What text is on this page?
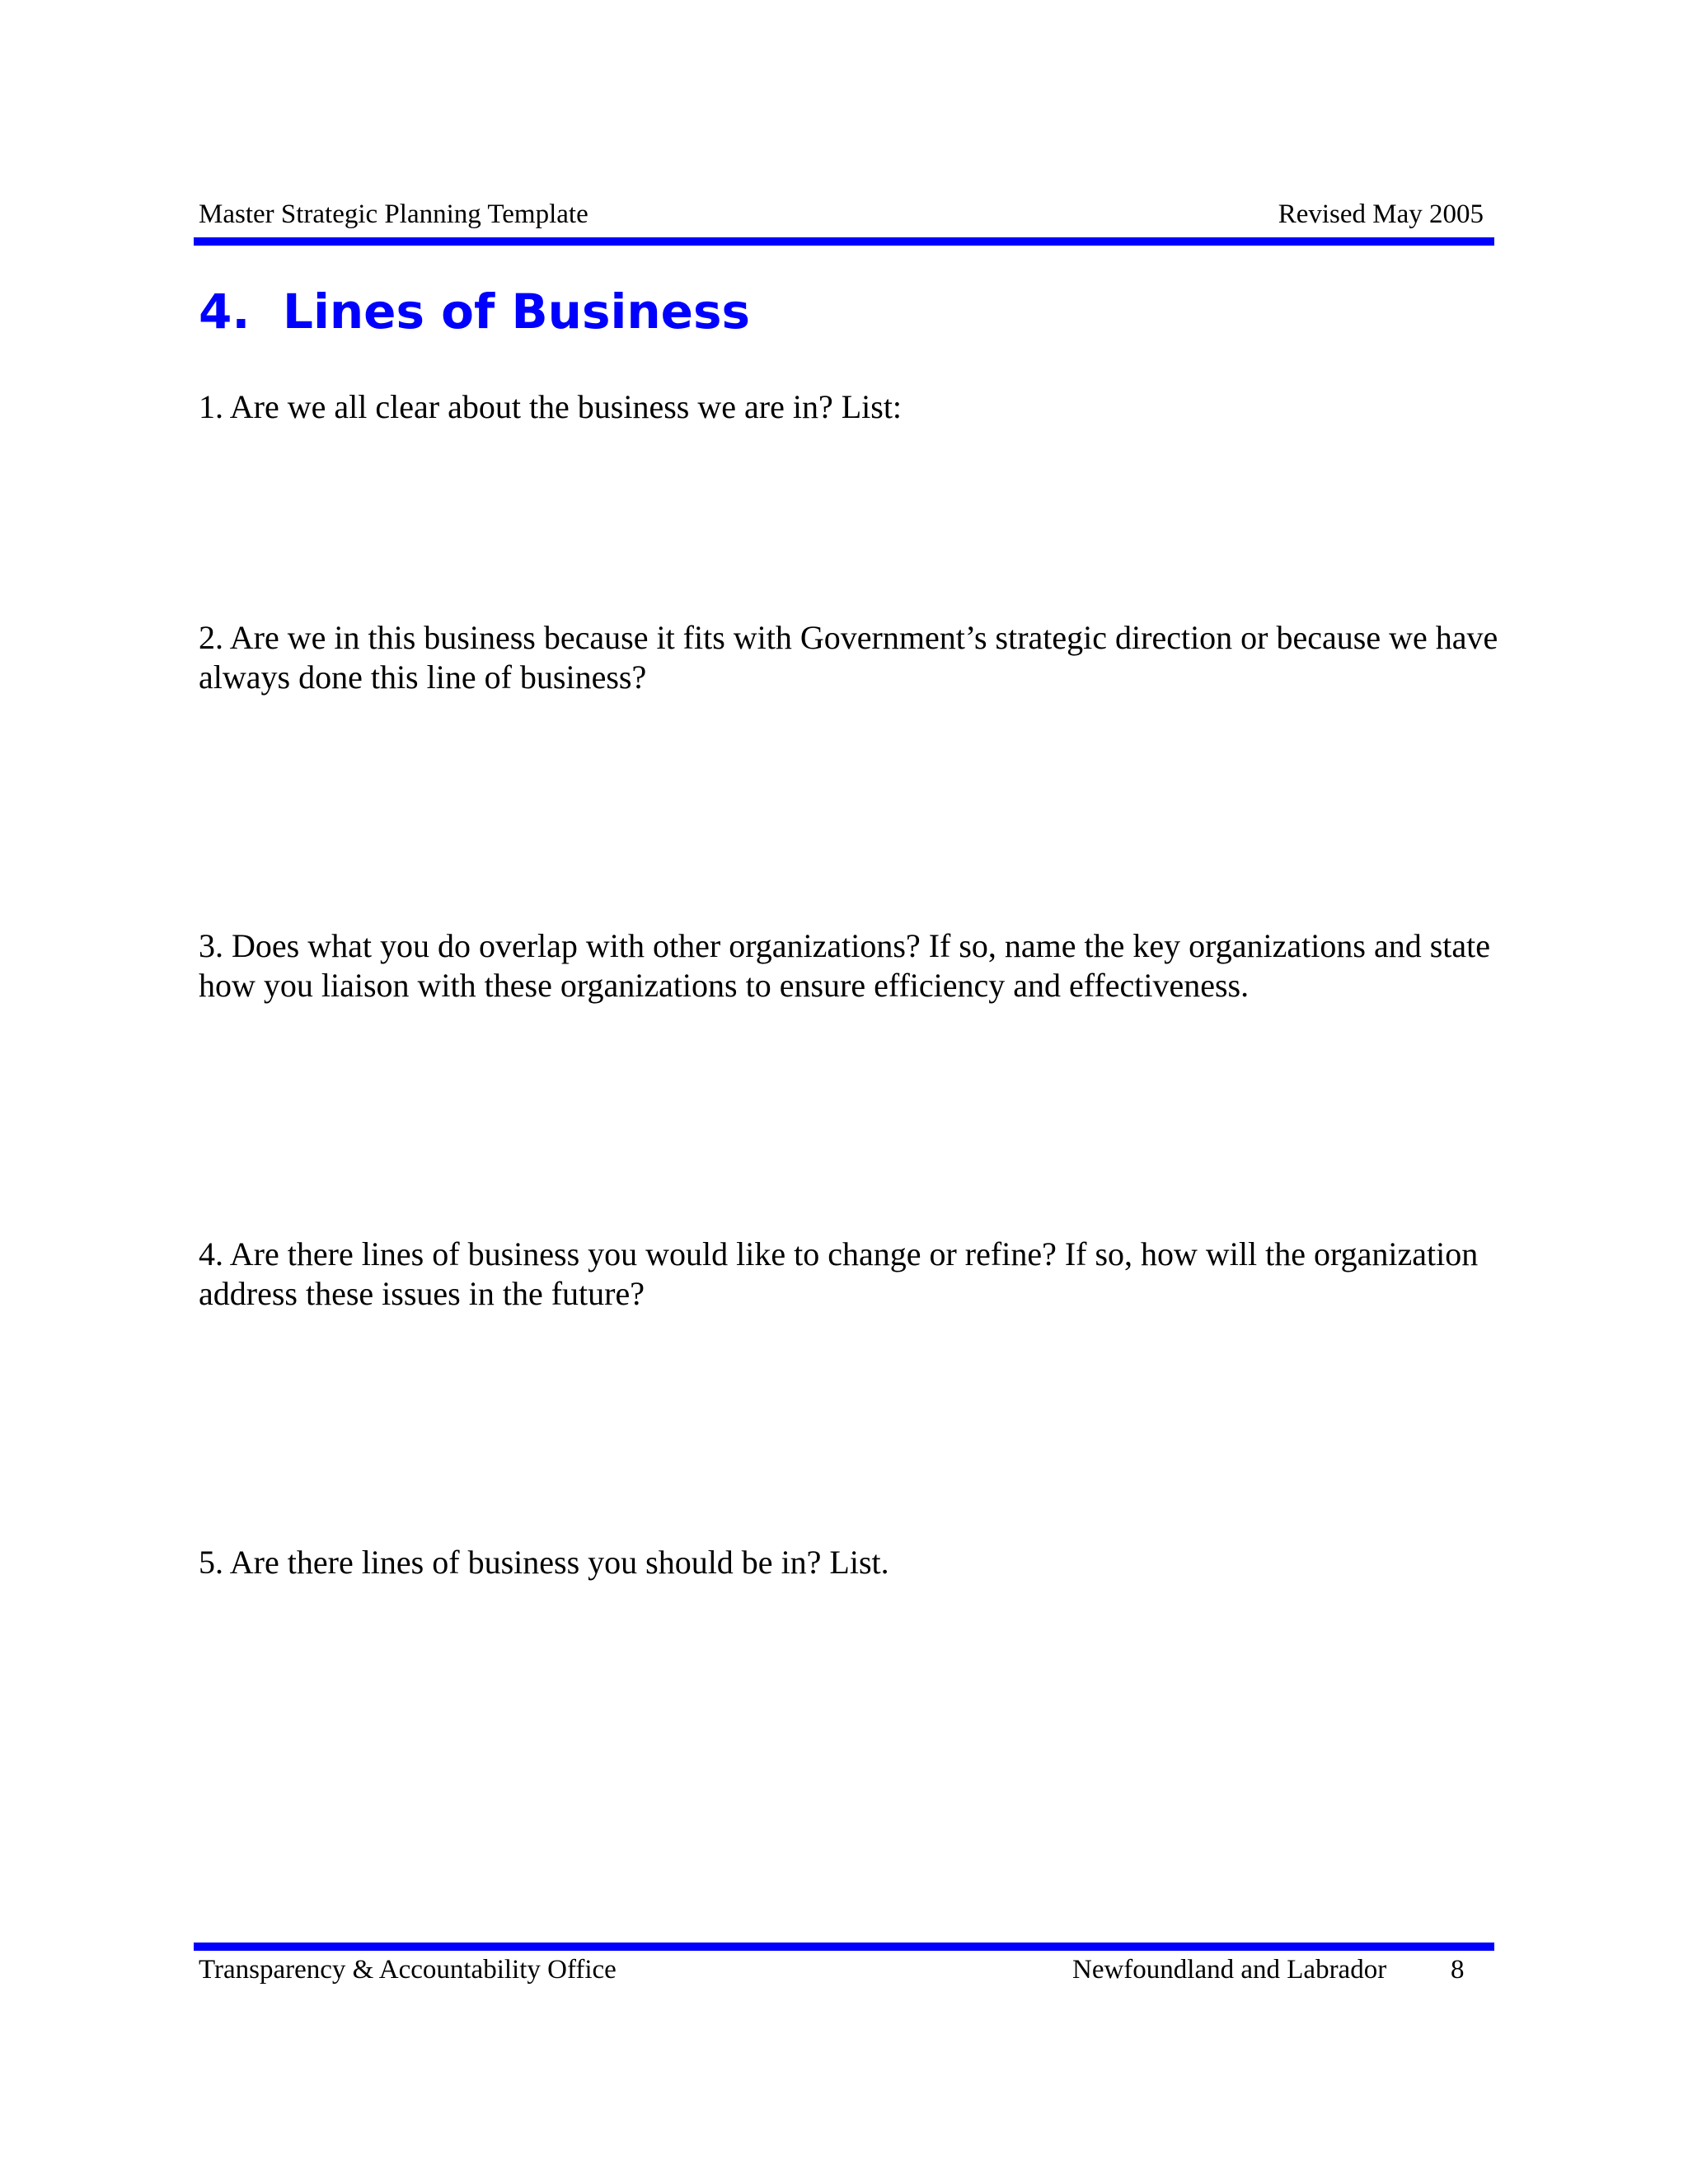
Master Strategic Planning Template	Revised May 2005
4. Lines of Business
1. Are we all clear about the business we are in? List:
2. Are we in this business because it fits with Government’s strategic direction or because we have always done this line of business?
3. Does what you do overlap with other organizations? If so, name the key organizations and state how you liaison with these organizations to ensure efficiency and effectiveness.
4. Are there lines of business you would like to change or refine? If so, how will the organization address these issues in the future?
5. Are there lines of business you should be in? List.
Transparency & Accountability Office	Newfoundland and Labrador 8
